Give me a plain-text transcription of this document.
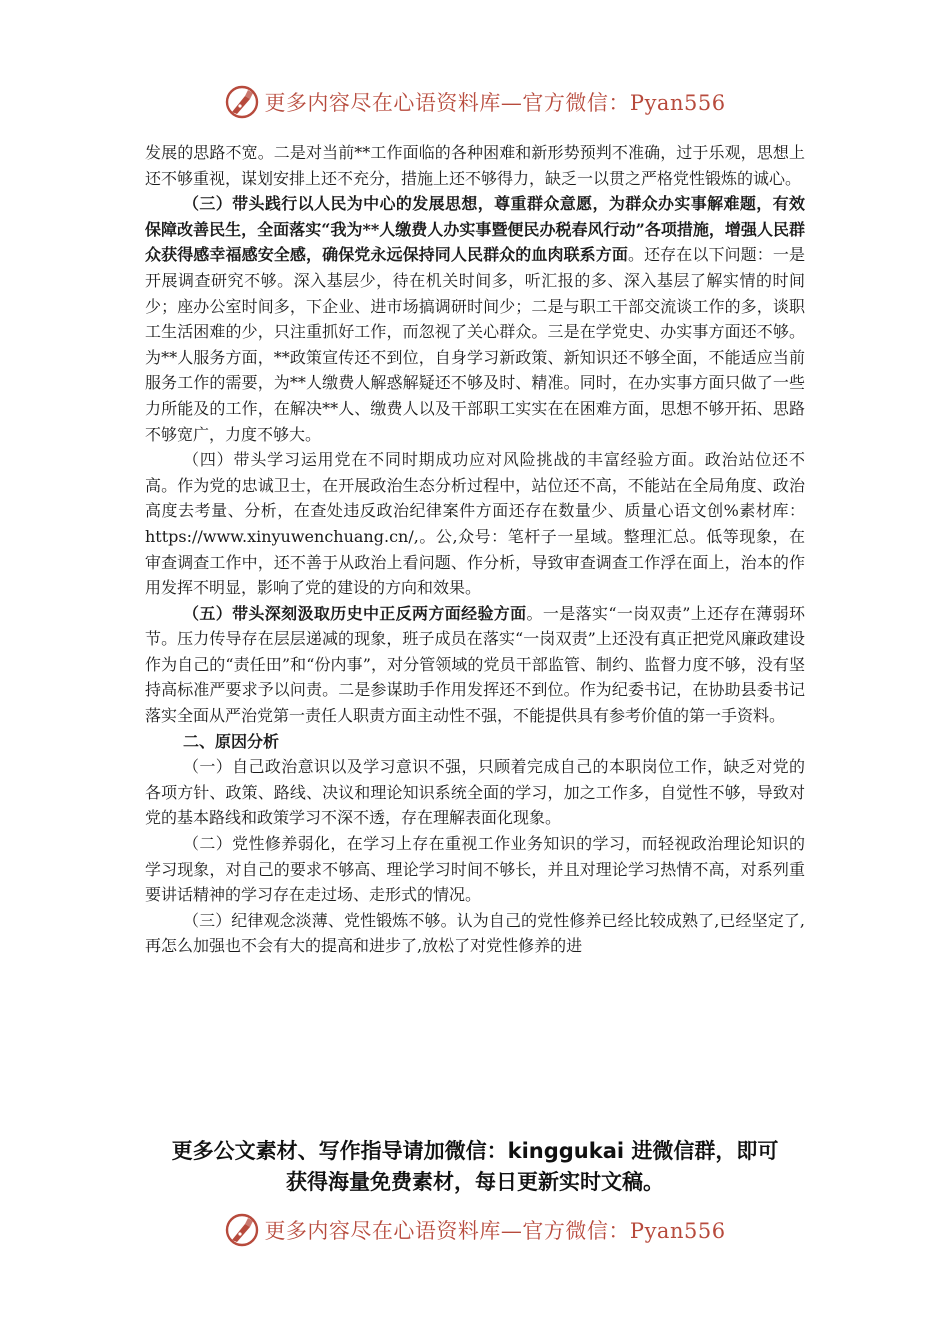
更多内容尽在心语资料库—官方微信：Pyan556

发展的思路不宽。二是对当前**工作面临的各种困难和新形势预判不准确，过于乐观，思想上还不够重视，谋划安排上还不充分，措施上还不够得力，缺乏一以贯之严格党性锻炼的诚心。

（三）带头践行以人民为中心的发展思想，尊重群众意愿，为群众办实事解难题，有效保障改善民生，全面落实“我为**人缴费人办实事暨便民办税春风行动”各项措施，增强人民群众获得感幸福感安全感，确保党永远保持同人民群众的血肉联系方面。还存在以下问题：一是开展调查研究不够。深入基层少，待在机关时间多，听汇报的多、深入基层了解实情的时间少；座办公室时间多，下企业、进市场搞调研时间少；二是与职工干部交流谈工作的多，谈职工生活困难的少，只注重抓好工作，而忽视了关心群众。三是在学党史、办实事方面还不够。为**人服务方面，**政策宣传还不到位，自身学习新政策、新知识还不够全面，不能适应当前服务工作的需要，为**人缴费人解惑解疑还不够及时、精准。同时，在办实事方面只做了一些力所能及的工作，在解决**人、缴费人以及干部职工实实在在困难方面，思想不够开拓、思路不够宽广，力度不够大。

（四）带头学习运用党在不同时期成功应对风险挑战的丰富经验方面。政治站位还不高。作为党的忠诚卫士，在开展政治生态分析过程中，站位还不高，不能站在全局角度、政治高度去考量、分析，在查处违反政治纪律案件方面还存在数量少、质量心语文创%素材库：https://www.xinyuwenchuang.cn/,。公,众号：笔杆子一星域。整理汇总。低等现象，在审查调查工作中，还不善于从政治上看问题、作分析，导致审查调查工作浮在面上，治本的作用发挥不明显，影响了党的建设的方向和效果。

（五）带头深刻汲取历史中正反两方面经验方面。一是落实“一岗双责”上还存在薄弱环节。压力传导存在层层递减的现象，班子成员在落实“一岗双责”上还没有真正把党风廉政建设作为自己的“责任田”和“份内事”，对分管领域的党员干部监管、制约、监督力度不够，没有坚持高标准严要求予以问责。二是参谋助手作用发挥还不到位。作为纪委书记，在协助县委书记落实全面从严治党第一责任人职责方面主动性不强，不能提供具有参考价值的第一手资料。

二、原因分析

（一）自己政治意识以及学习意识不强，只顾着完成自己的本职岗位工作，缺乏对党的各项方针、政策、路线、决议和理论知识系统全面的学习，加之工作多，自觉性不够，导致对党的基本路线和政策学习不深不透，存在理解表面化现象。

（二）党性修养弱化，在学习上存在重视工作业务知识的学习，而轻视政治理论知识的学习现象，对自己的要求不够高、理论学习时间不够长，并且对理论学习热情不高，对系列重要讲话精神的学习存在走过场、走形式的情况。

（三）纪律观念淡薄、党性锻炼不够。认为自己的党性修养已经比较成熟了,已经坚定了,再怎么加强也不会有大的提高和进步了,放松了对党性修养的进

更多公文素材、写作指导请加微信：kinggukai 进微信群，即可
获得海量免费素材，每日更新实时文稿。
更多内容尽在心语资料库—官方微信：Pyan556
